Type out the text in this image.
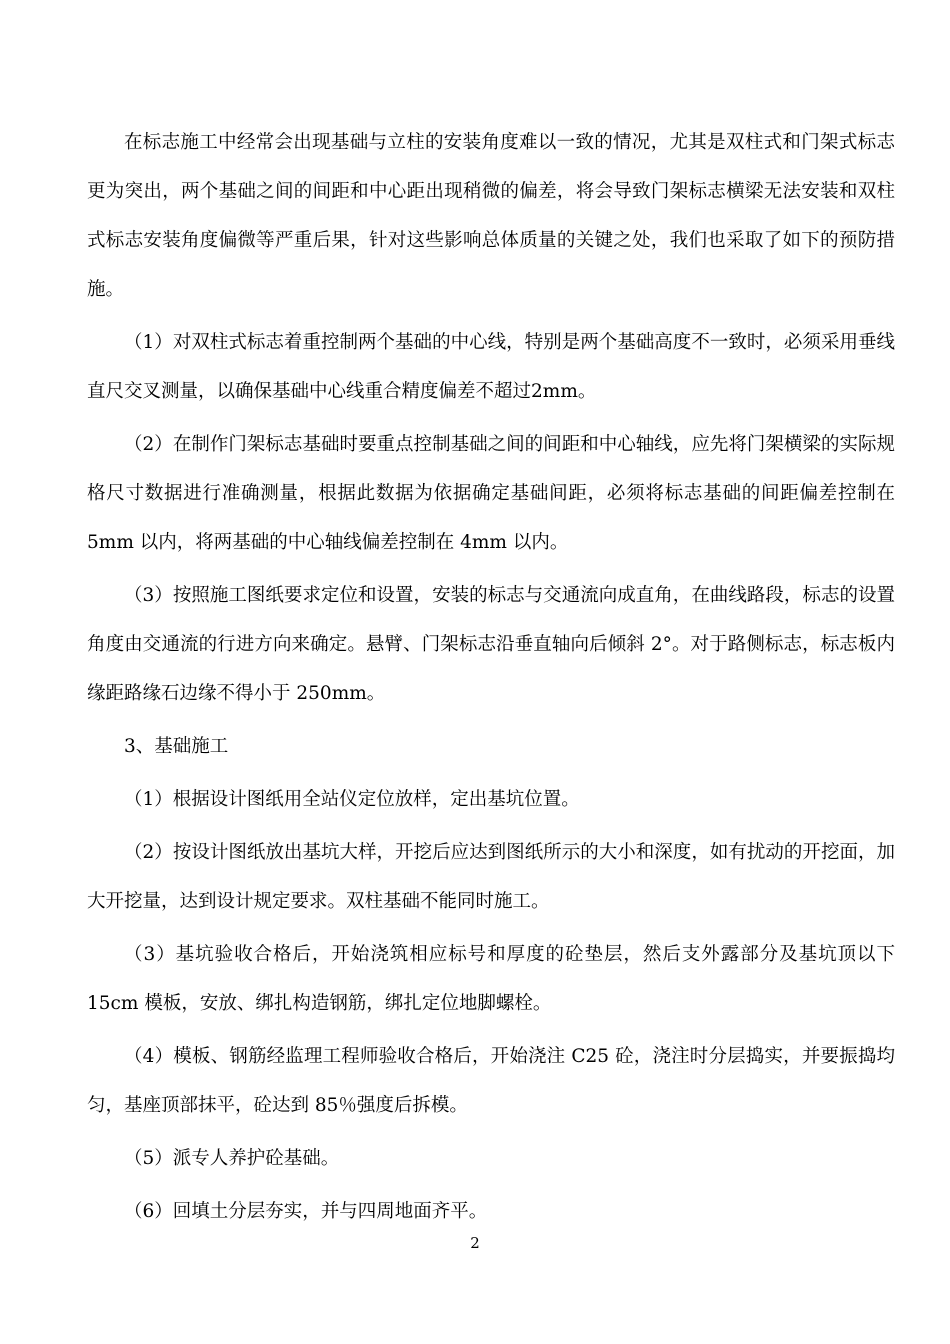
在标志施工中经常会出现基础与立柱的安装角度难以一致的情况，尤其是双柱式和门架式标志更为突出，两个基础之间的间距和中心距出现稍微的偏差，将会导致门架标志横梁无法安装和双柱式标志安装角度偏微等严重后果，针对这些影响总体质量的关键之处，我们也采取了如下的预防措施。

（1）对双柱式标志着重控制两个基础的中心线，特别是两个基础高度不一致时，必须采用垂线直尺交叉测量，以确保基础中心线重合精度偏差不超过2mm。

（2）在制作门架标志基础时要重点控制基础之间的间距和中心轴线，应先将门架横梁的实际规格尺寸数据进行准确测量，根据此数据为依据确定基础间距，必须将标志基础的间距偏差控制在 5mm 以内，将两基础的中心轴线偏差控制在 4mm 以内。

（3）按照施工图纸要求定位和设置，安装的标志与交通流向成直角，在曲线路段，标志的设置角度由交通流的行进方向来确定。悬臂、门架标志沿垂直轴向后倾斜 2°。对于路侧标志，标志板内缘距路缘石边缘不得小于 250mm。

3、基础施工

（1）根据设计图纸用全站仪定位放样，定出基坑位置。

（2）按设计图纸放出基坑大样，开挖后应达到图纸所示的大小和深度，如有扰动的开挖面，加大开挖量，达到设计规定要求。双柱基础不能同时施工。

（3）基坑验收合格后，开始浇筑相应标号和厚度的砼垫层，然后支外露部分及基坑顶以下 15cm 模板，安放、绑扎构造钢筋，绑扎定位地脚螺栓。

（4）模板、钢筋经监理工程师验收合格后，开始浇注 C25 砼，浇注时分层捣实，并要振捣均匀，基座顶部抹平，砼达到 85％强度后拆模。

（5）派专人养护砼基础。

（6）回填土分层夯实，并与四周地面齐平。

2
